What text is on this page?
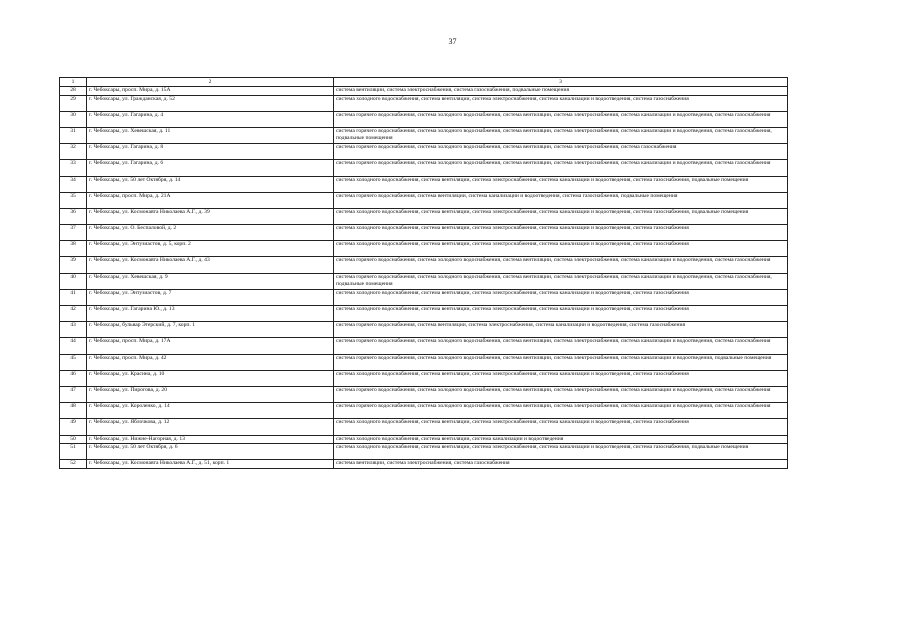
37
1	2	3
28	г. Чебоксары, просп. Мира, д. 15А	система вентиляции, система электроснабжения, система газоснабжения, подвальные помещения
29	г. Чебоксары, ул. Гражданская, д. 52	система холодного водоснабжения, система вентиляции, система электроснабжения, система канализации и водоотведения, система газоснабжения
30	г. Чебоксары, ул. Гагарина, д. 4	система горячего водоснабжения, система холодного водоснабжения, система вентиляции, система электроснабжения, система канализации и водоотведения, система газоснабжения
31	г. Чебоксары, ул. Хевешская, д. 11	система горячего водоснабжения, система холодного водоснабжения, система вентиляции, система электроснабжения, система канализации и водоотведения, система газоснабжения, подвальные помещения
32	г. Чебоксары, ул. Гагарина, д. 8	система горячего водоснабжения, система холодного водоснабжения, система вентиляции, система электроснабжения, система газоснабжения
33	г. Чебоксары, ул. Гагарина, д. 6	система горячего водоснабжения, система холодного водоснабжения, система вентиляции, система электроснабжения, система канализации и водоотведения, система газоснабжения
34	г. Чебоксары, ул. 50 лет Октября, д. 14	система холодного водоснабжения, система вентиляции, система электроснабжения, система канализации и водоотведения, система газоснабжения, подвальные помещения
35	г. Чебоксары, просп. Мира, д. 21А	система горячего водоснабжения, система вентиляции, система канализации и водоотведения, система газоснабжения, подвальные помещения
36	г. Чебоксары, ул. Космонавта Николаева А.Г., д. 39	система холодного водоснабжения, система вентиляции, система электроснабжения, система канализации и водоотведения, система газоснабжения, подвальные помещения
37	г. Чебоксары, ул. О. Беспаловой, д. 2	система холодного водоснабжения, система вентиляции, система электроснабжения, система канализации и водоотведения, система газоснабжения
38	г. Чебоксары, ул. Энтузиастов, д. 5, корп. 2	система холодного водоснабжения, система вентиляции, система электроснабжения, система канализации и водоотведения, система газоснабжения
39	г. Чебоксары, ул. Космонавта Николаева А.Г., д. 43	система горячего водоснабжения, система холодного водоснабжения, система вентиляции, система электроснабжения, система канализации и водоотведения, система газоснабжения
40	г. Чебоксары, ул. Хевешская, д. 9	система горячего водоснабжения, система холодного водоснабжения, система вентиляции, система электроснабжения, система канализации и водоотведения, система газоснабжения, подвальные помещения
41	г. Чебоксары, ул. Энтузиастов, д. 7	система холодного водоснабжения, система вентиляции, система электроснабжения, система канализации и водоотведения, система газоснабжения
42	г. Чебоксары, ул. Гагарина Ю., д. 13	система холодного водоснабжения, система вентиляции, система электроснабжения, система канализации и водоотведения, система газоснабжения
43	г. Чебоксары, бульвар Эгерский, д. 7, корп. 1	система горячего водоснабжения, система вентиляции, система электроснабжения, система канализации и водоотведения, система газоснабжения
44	г. Чебоксары, просп. Мира, д. 17А	система горячего водоснабжения, система холодного водоснабжения, система вентиляции, система электроснабжения, система канализации и водоотведения, система газоснабжения
45	г. Чебоксары, просп. Мира, д. 42	система горячего водоснабжения, система холодного водоснабжения, система вентиляции, система электроснабжения, система канализации и водоотведения, подвальные помещения
46	г. Чебоксары, ул. Красина, д. 10	система холодного водоснабжения, система вентиляции, система электроснабжения, система канализации и водоотведения, система газоснабжения
47	г. Чебоксары, ул. Пирогова, д. 20	система горячего водоснабжения, система холодного водоснабжения, система вентиляции, система электроснабжения, система канализации и водоотведения, система газоснабжения
48	г. Чебоксары, ул. Короленко, д. 14	система горячего водоснабжения, система холодного водоснабжения, система вентиляции, система электроснабжения, система канализации и водоотведения, система газоснабжения
49	г. Чебоксары, ул. Яблочкова, д. 12	система холодного водоснабжения, система вентиляции, система электроснабжения, система канализации и водоотведения, система газоснабжения
50	г. Чебоксары, ул. Нижне-Нагорная, д. 13	система холодного водоснабжения, система вентиляции, система канализации и водоотведения
51	г. Чебоксары, ул. 50 лет Октября, д. 6	система холодного водоснабжения, система вентиляции, система электроснабжения, система канализации и водоотведения, система газоснабжения, подвальные помещения
52	г. Чебоксары, ул. Космонавта Николаева А.Г., д. 51, корп. 1	система вентиляции, система электроснабжения, система газоснабжения
